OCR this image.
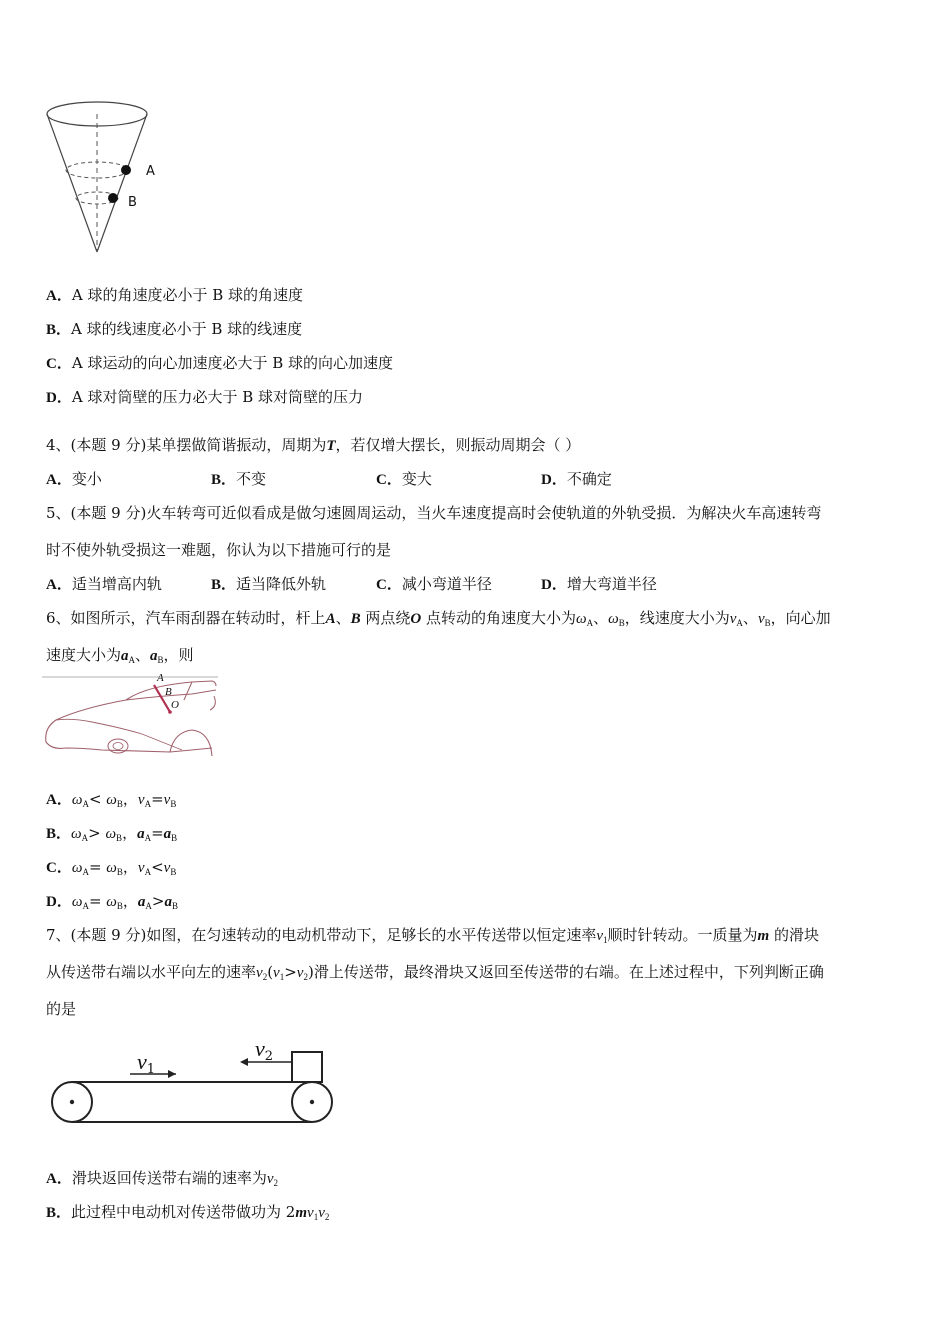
A
B
A．A 球的角速度必小于 B 球的角速度
B．A 球的线速度必小于 B 球的线速度
C．A 球运动的向心加速度必大于 B 球的向心加速度
D．A 球对筒壁的压力必大于 B 球对筒壁的压力
4、(本题 9 分)某单摆做简谐振动，周期为T，若仅增大摆长，则振动周期会（ ）
A．变小	B．不变	C．变大	D．不确定
5、(本题 9 分)火车转弯可近似看成是做匀速圆周运动，当火车速度提高时会使轨道的外轨受损．为解决火车高速转弯
时不使外轨受损这一难题，你认为以下措施可行的是
A．适当增高内轨	B．适当降低外轨	C．减小弯道半径	D．增大弯道半径
6、如图所示，汽车雨刮器在转动时，杆上A、B 两点绕O 点转动的角速度大小为$\omega_A$、$\omega_B$，线速度大小为$v_A$、$v_B$，向心加
速度大小为$a_A$、$a_B$，则
A
B
O
A．$\omega_A< \omega_B$，$v_A=v_B$
B．$\omega_A> \omega_B$，$a_A=a_B$
C．$\omega_A= \omega_B$，$v_A<v_B$
D．$\omega_A= \omega_B$，$a_A>a_B$
7、(本题 9 分)如图，在匀速转动的电动机带动下，足够长的水平传送带以恒定速率$v_1$顺时针转动。一质量为m 的滑块
从传送带右端以水平向左的速率$v_2(v_1>v_2)$滑上传送带，最终滑块又返回至传送带的右端。在上述过程中，下列判断正确
的是
v1
v2
A．滑块返回传送带右端的速率为$v_2$
B．此过程中电动机对传送带做功为 $2mv_1v_2$
